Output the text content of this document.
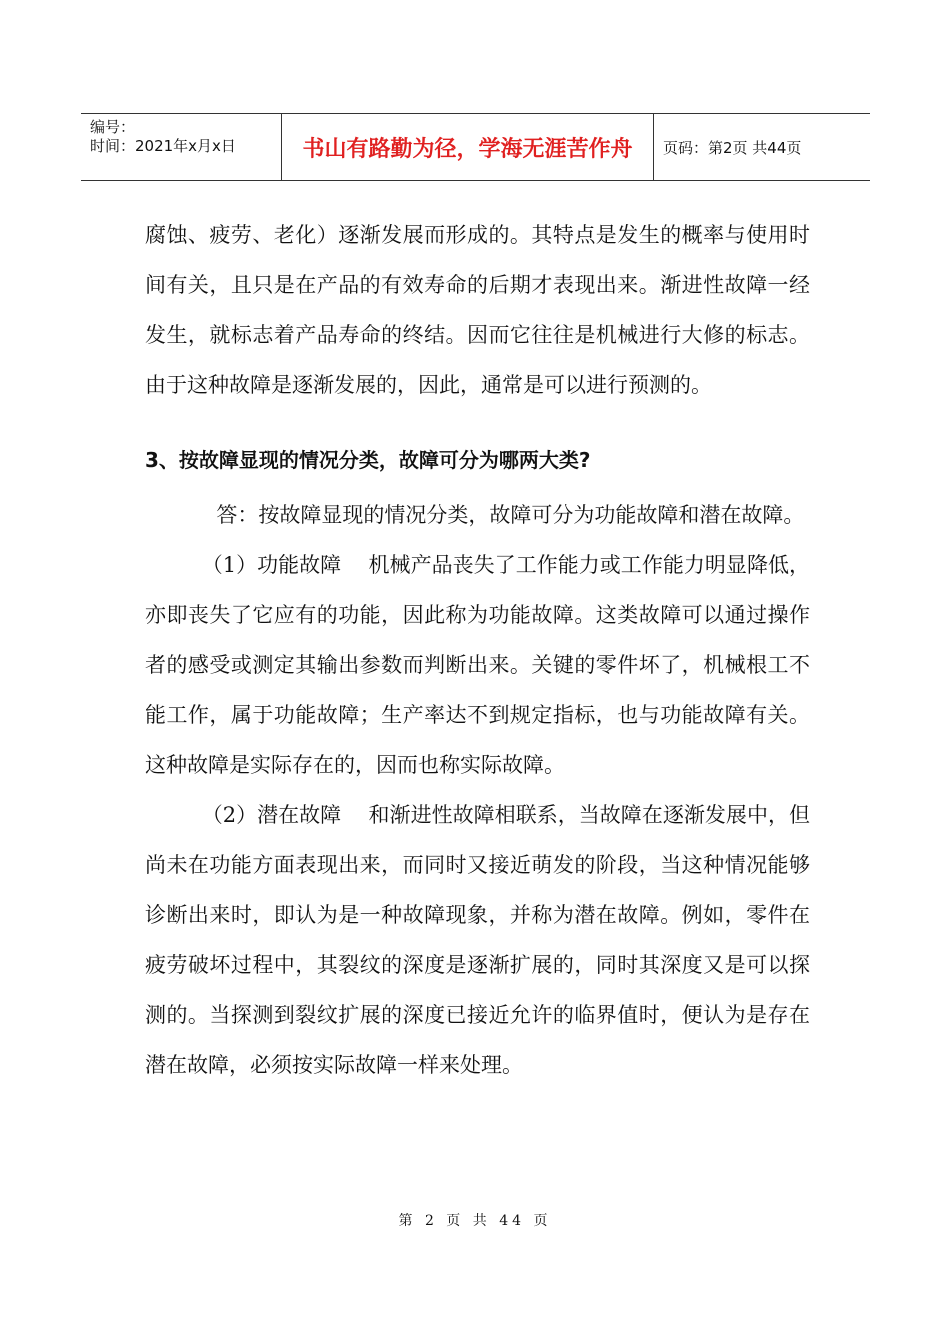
编号：
时间：2021年x月x日	书山有路勤为径，学海无涯苦作舟	页码：第2页 共44页

腐蚀、疲劳、老化）逐渐发展而形成的。其特点是发生的概率与使用时间有关，且只是在产品的有效寿命的后期才表现出来。渐进性故障一经发生，就标志着产品寿命的终结。因而它往往是机械进行大修的标志。由于这种故障是逐渐发展的，因此，通常是可以进行预测的。

3、按故障显现的情况分类，故障可分为哪两大类?

答：按故障显现的情况分类，故障可分为功能故障和潜在故障。

（1）功能故障 机械产品丧失了工作能力或工作能力明显降低，亦即丧失了它应有的功能，因此称为功能故障。这类故障可以通过操作者的感受或测定其输出参数而判断出来。关键的零件坏了，机械根工不能工作，属于功能故障；生产率达不到规定指标，也与功能故障有关。这种故障是实际存在的，因而也称实际故障。

（2）潜在故障 和渐进性故障相联系，当故障在逐渐发展中，但尚未在功能方面表现出来，而同时又接近萌发的阶段，当这种情况能够诊断出来时，即认为是一种故障现象，并称为潜在故障。例如，零件在疲劳破坏过程中，其裂纹的深度是逐渐扩展的，同时其深度又是可以探测的。当探测到裂纹扩展的深度已接近允许的临界值时，便认为是存在潜在故障，必须按实际故障一样来处理。

第 2 页 共 44 页
